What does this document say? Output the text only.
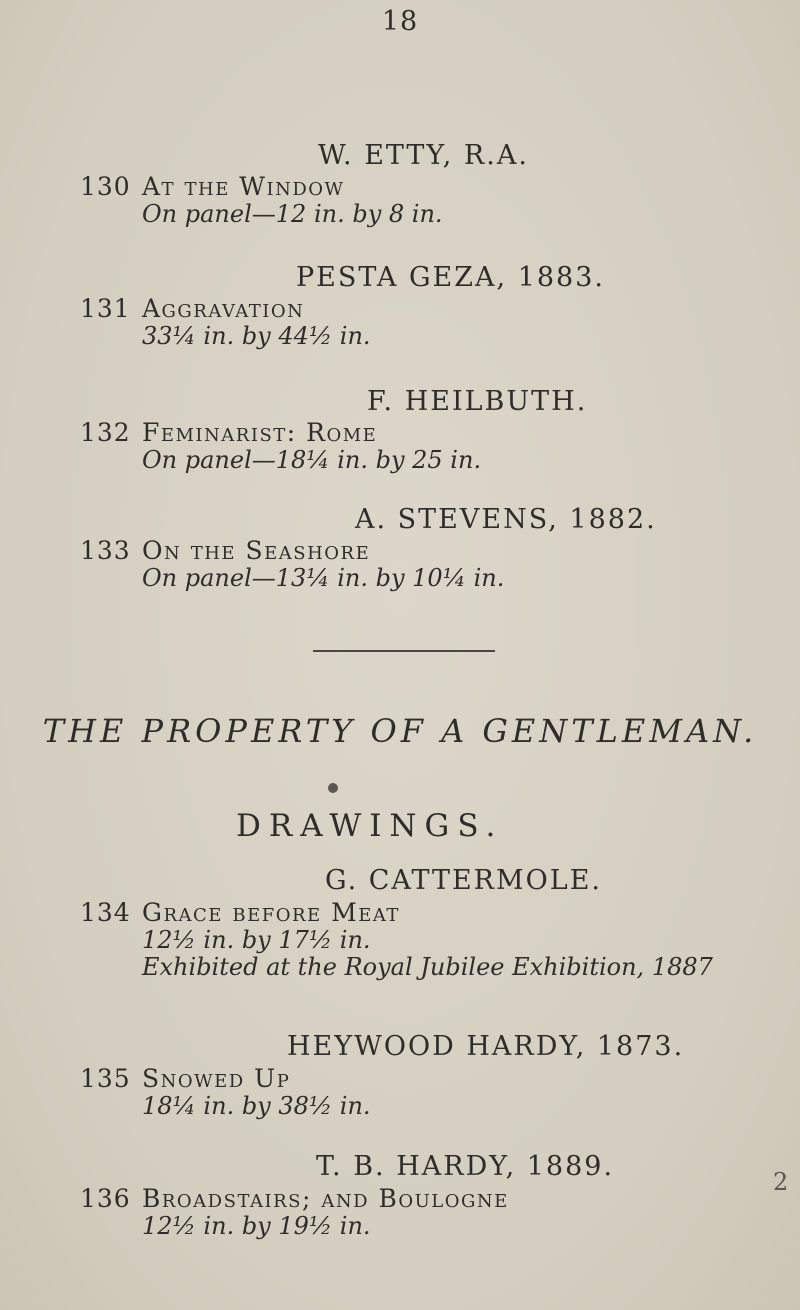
18
W. ETTY, R.A.
130 At the Window
On panel—12 in. by 8 in.
PESTA GEZA, 1883.
131 Aggravation
33¼ in. by 44½ in.
F. HEILBUTH.
132 Feminarist: Rome
On panel—18¼ in. by 25 in.
A. STEVENS, 1882.
133 On the Seashore
On panel—13¼ in. by 10¼ in.
THE PROPERTY OF A GENTLEMAN.
DRAWINGS.
G. CATTERMOLE.
134 Grace before Meat
12½ in. by 17½ in.
Exhibited at the Royal Jubilee Exhibition, 1887
HEYWOOD HARDY, 1873.
135 Snowed Up
18¼ in. by 38½ in.
T. B. HARDY, 1889.
136 Broadstairs; and Boulogne
12½ in. by 19½ in.
2
